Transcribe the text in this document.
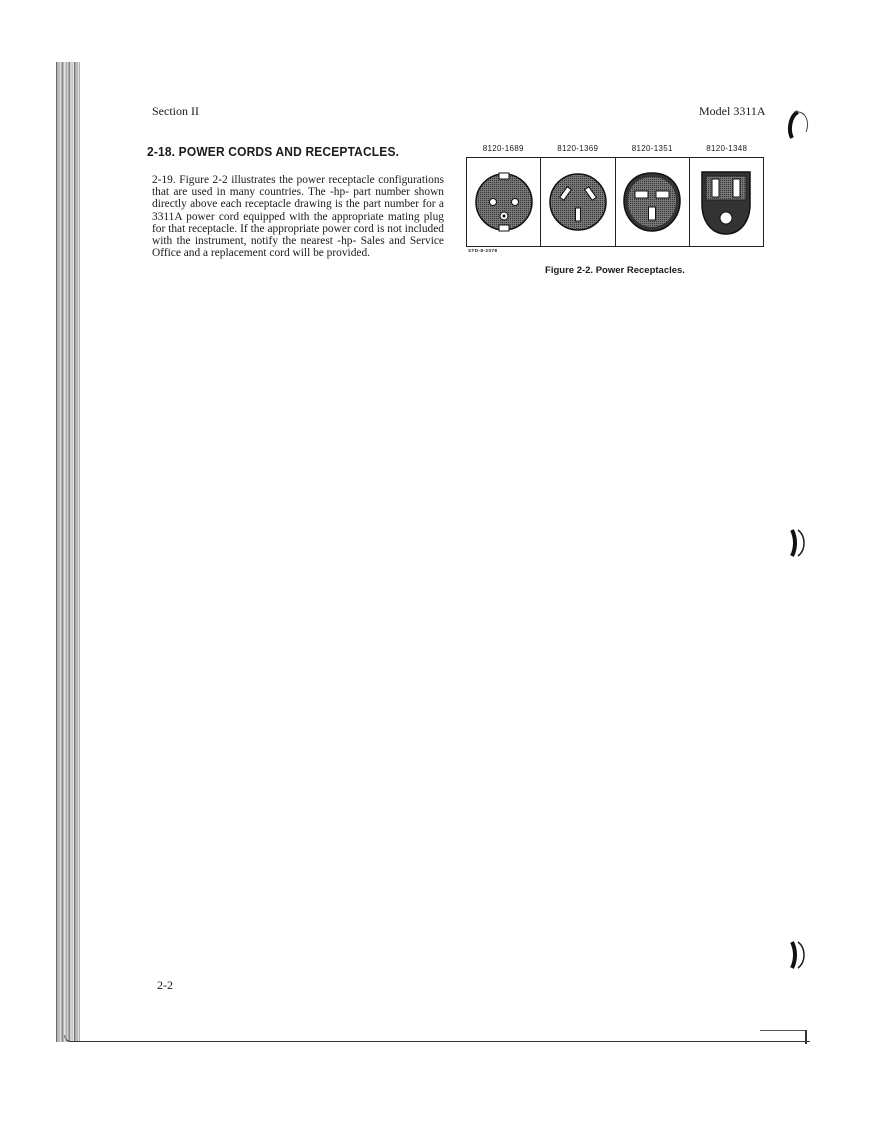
Section II	Model 3311A
2-18. POWER CORDS AND RECEPTACLES.
2-19. Figure 2-2 illustrates the power receptacle configurations that are used in many countries. The -hp- part number shown directly above each receptacle drawing is the part number for a 3311A power cord equipped with the appropriate mating plug for that receptacle. If the appropriate power cord is not included with the instrument, notify the nearest -hp- Sales and Service Office and a replacement cord will be provided.
8120-1689	8120-1369	8120-1351	8120-1348
STD-8-2078
Figure 2-2. Power Receptacles.
2-2
